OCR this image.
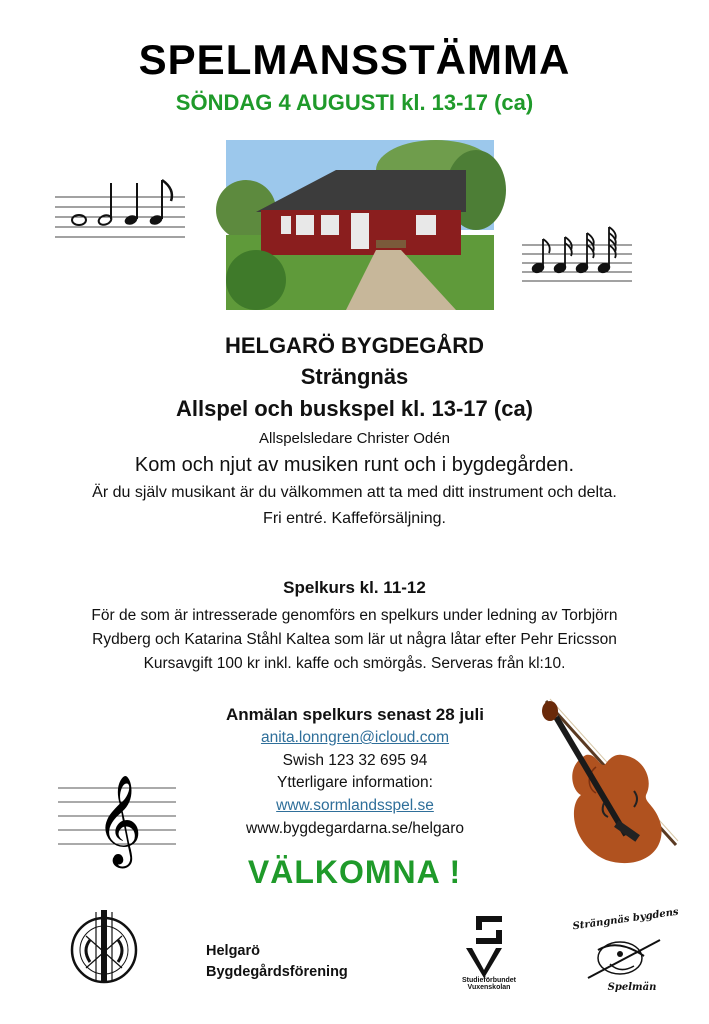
SPELMANSSTÄMMA
SÖNDAG 4 AUGUSTI kl. 13-17 (ca)
HELGARÖ BYGDEGÅRD
Strängnäs
Allspel och buskspel kl. 13-17 (ca)
Allspelsledare Christer Odén
Kom och njut av musiken runt och i bygdegården.
Är du själv musikant är du välkommen att ta med ditt instrument och delta.
Fri entré. Kaffeförsäljning.
Spelkurs kl. 11-12
För de som är intresserade genomförs en spelkurs under ledning av Torbjörn
Rydberg och Katarina Ståhl Kaltea som lär ut några låtar efter Pehr Ericsson
Kursavgift 100 kr inkl. kaffe och smörgås. Serveras från kl:10.
Anmälan spelkurs senast 28 juli
anita.lonngren@icloud.com
Swish 123 32 695 94
Ytterligare information:
www.sormlandsspel.se
www.bygdegardarna.se/helgaro
𝄞
VÄLKOMNA !
Helgarö
Bygdegårdsförening
Studieförbundet
Vuxenskolan
Strängnäs bygdens
Spelmän
